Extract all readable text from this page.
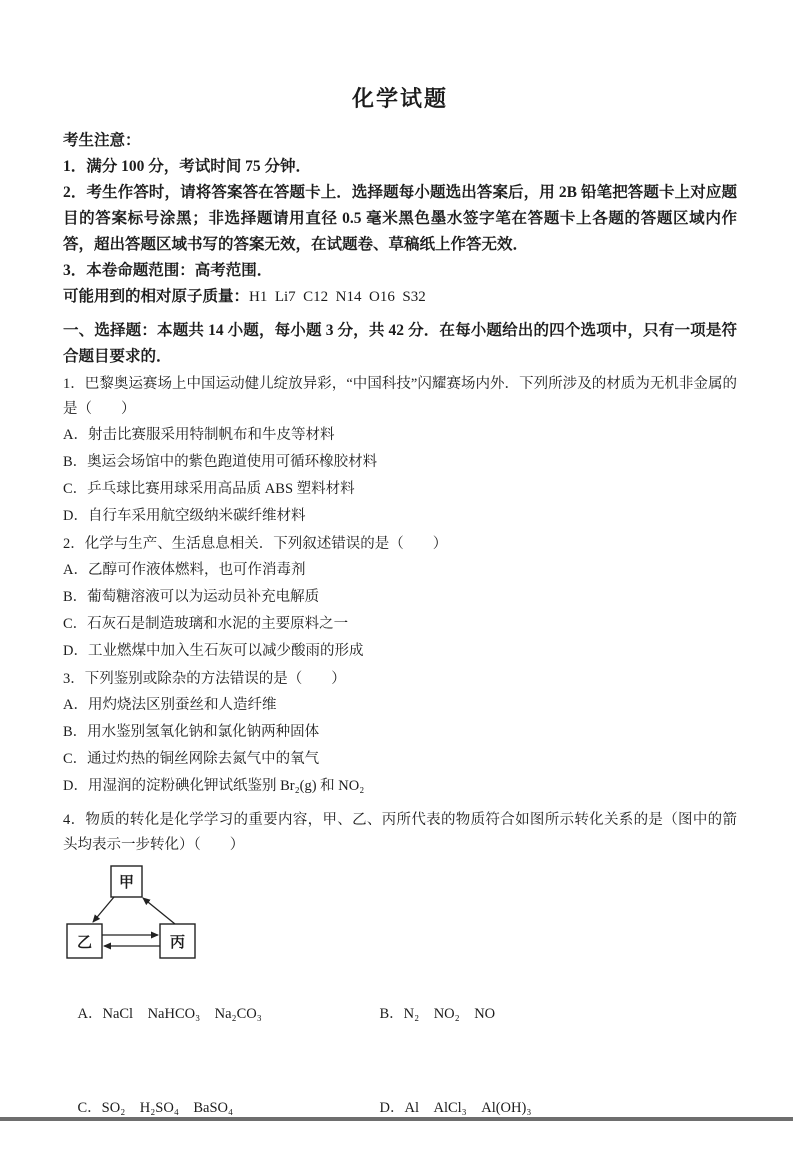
化学试题

考生注意：

1．满分 100 分，考试时间 75 分钟．

2．考生作答时，请将答案答在答题卡上．选择题每小题选出答案后，用 2B 铅笔把答题卡上对应题目的答案标号涂黑；非选择题请用直径 0.5 毫米黑色墨水签字笔在答题卡上各题的答题区域内作答，超出答题区域书写的答案无效，在试题卷、草稿纸上作答无效．

3．本卷命题范围：高考范围．

可能用到的相对原子质量：H1  Li7  C12  N14  O16  S32

一、选择题：本题共 14 小题，每小题 3 分，共 42 分．在每小题给出的四个选项中，只有一项是符合题目要求的．

1．巴黎奥运赛场上中国运动健儿绽放异彩，“中国科技”闪耀赛场内外．下列所涉及的材质为无机非金属的是（　　）

A．射击比赛服采用特制帆布和牛皮等材料

B．奥运会场馆中的紫色跑道使用可循环橡胶材料

C．乒乓球比赛用球采用高品质 ABS 塑料材料

D．自行车采用航空级纳米碳纤维材料

2．化学与生产、生活息息相关．下列叙述错误的是（　　）

A．乙醇可作液体燃料，也可作消毒剂

B．葡萄糖溶液可以为运动员补充电解质

C．石灰石是制造玻璃和水泥的主要原料之一

D．工业燃煤中加入生石灰可以减少酸雨的形成

3．下列鉴别或除杂的方法错误的是（　　）

A．用灼烧法区别蚕丝和人造纤维

B．用水鉴别氢氧化钠和氯化钠两种固体

C．通过灼热的铜丝网除去氮气中的氧气

D．用湿润的淀粉碘化钾试纸鉴别 Br₂(g) 和 NO₂

4．物质的转化是化学学习的重要内容，甲、乙、丙所代表的物质符合如图所示转化关系的是（图中的箭头均表示一步转化）（　　）

甲
乙	丙

A．NaCl　NaHCO₃　Na₂CO₃	B．N₂　NO₂　NO

C．SO₂　H₂SO₄　BaSO₄	D．Al　AlCl₃　Al(OH)₃
